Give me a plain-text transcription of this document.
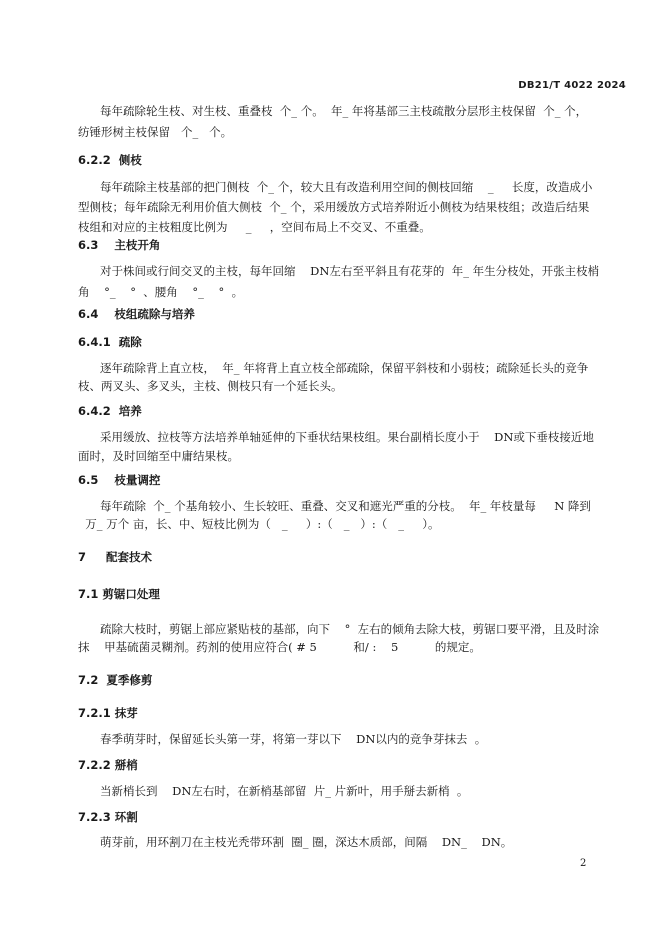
DB21/T 4022 2024
每年疏除轮生枝、对生枝、重叠枝  个_ 个。  年_ 年将基部三主枝疏散分层形主枝保留  个_ 个，
纺锤形树主枝保留   个_   个。
6.2.2  侧枝
每年疏除主枝基部的把门侧枝  个_ 个，较大且有改造利用空间的侧枝回缩    _     长度，改造成小
型侧枝；每年疏除无利用价值大侧枝  个_ 个，采用缓放方式培养附近小侧枝为结果枝组；改造后结果
枝组和对应的主枝粗度比例为     _     ，空间布局上不交叉、不重叠。
6.3    主枝开角
对于株间或行间交叉的主枝，每年回缩    DN左右至平斜且有花芽的  年_ 年生分枝处，开张主枝梢
角    °_    °  、腰角    °_    °  。
6.4    枝组疏除与培养
6.4.1  疏除
逐年疏除背上直立枝，  年_ 年将背上直立枝全部疏除，保留平斜枝和小弱枝；疏除延长头的竞争
枝、两叉头、多叉头，主枝、侧枝只有一个延长头。
6.4.2  培养
采用缓放、拉枝等方法培养单轴延伸的下垂状结果枝组。果台副梢长度小于    DN或下垂枝接近地
面时，及时回缩至中庸结果枝。
6.5    枝量调控
每年疏除  个_ 个基角较小、生长较旺、重叠、交叉和遮光严重的分枝。  年_ 年枝量每     N 降到
万_ 万个 亩，长、中、短枝比例为（   _     ）:（   _   ）:（   _     ）。
7     配套技术
7.1 剪锯口处理
疏除大枝时，剪锯上部应紧贴枝的基部，向下    °  左右的倾角去除大枝，剪锯口要平滑，且及时涂
抹    甲基硫菌灵糊剂。药剂的使用应符合( # 5          和/ :    5          的规定。
7.2  夏季修剪
7.2.1 抹芽
春季萌芽时，保留延长头第一芽，将第一芽以下    DN以内的竞争芽抹去  。
7.2.2 掰梢
当新梢长到    DN左右时，在新梢基部留  片_ 片新叶，用手掰去新梢  。
7.2.3 环割
萌芽前，用环割刀在主枝光秃带环割  圈_ 圈，深达木质部，间隔    DN_    DN。
2
